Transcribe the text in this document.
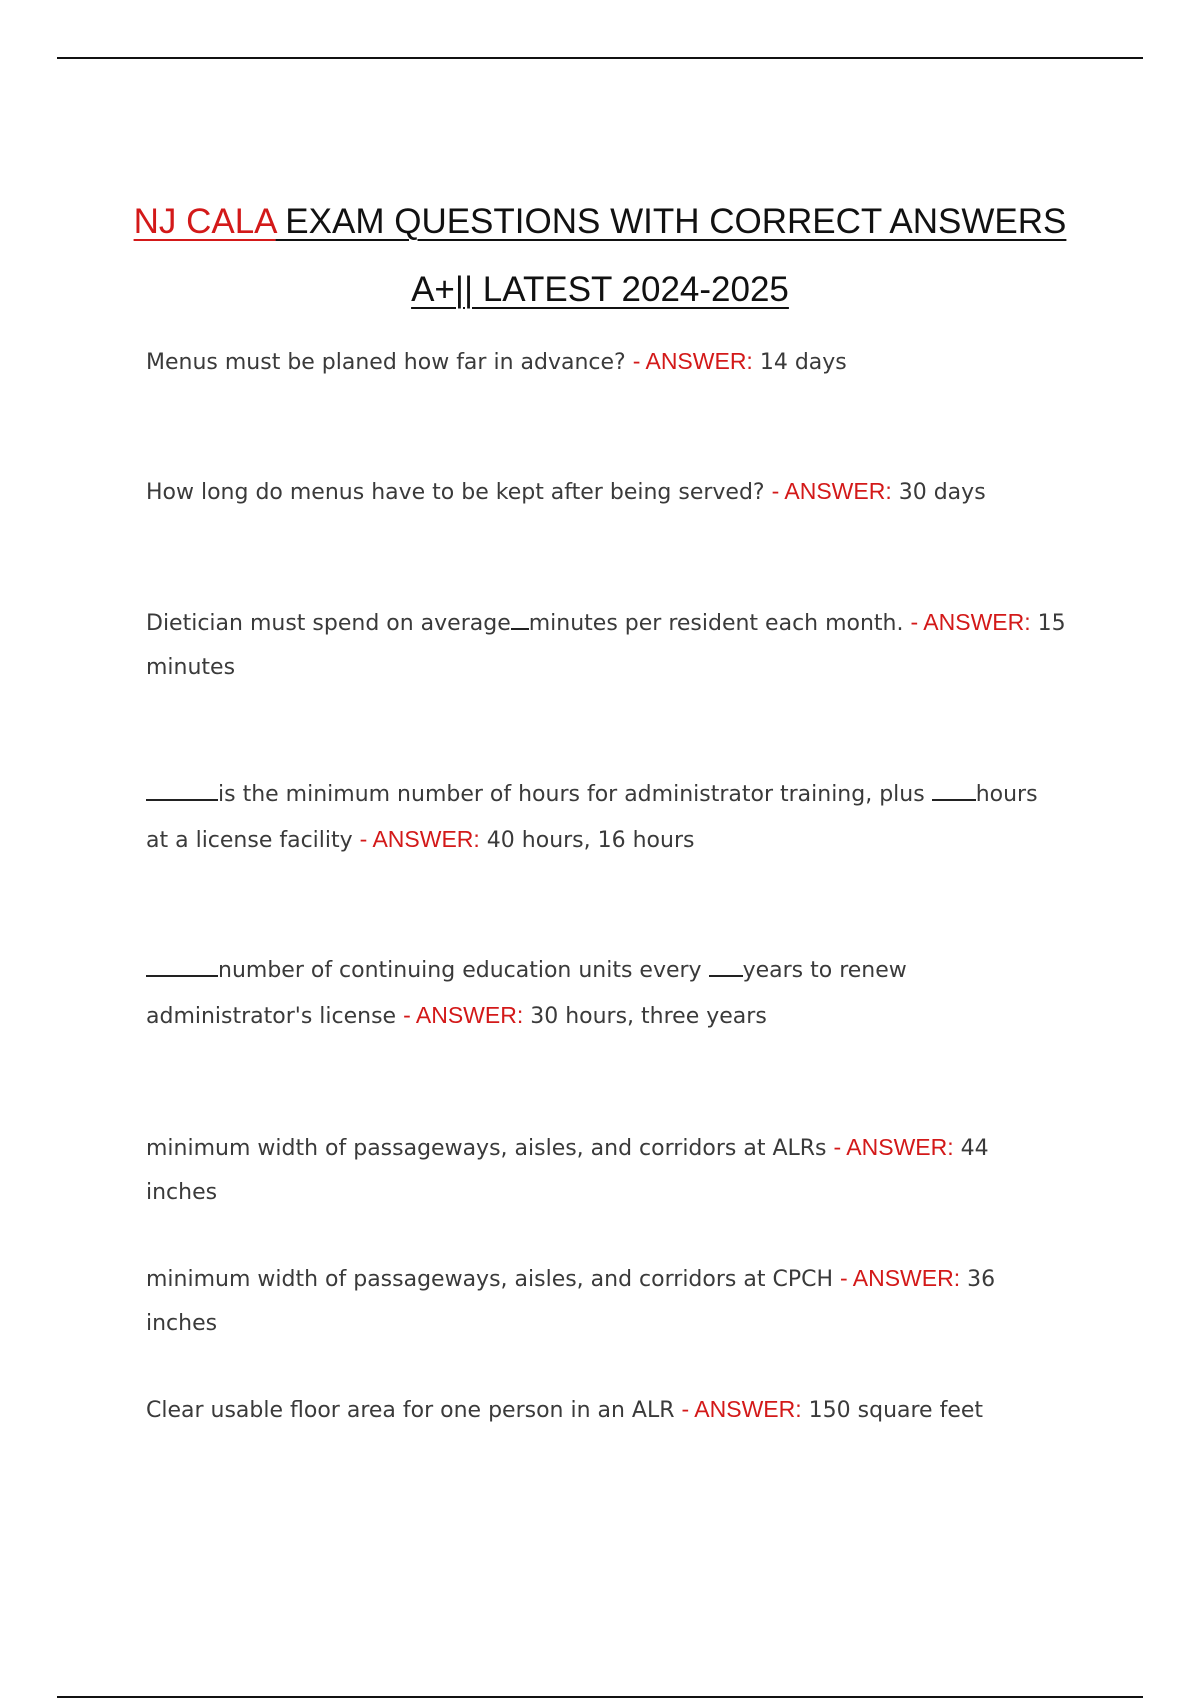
NJ CALA EXAM QUESTIONS WITH CORRECT ANSWERS
A+|| LATEST 2024-2025

Menus must be planed how far in advance? - ANSWER: 14 days

How long do menus have to be kept after being served? - ANSWER: 30 days

Dietician must spend on average minutes per resident each month. - ANSWER: 15 minutes

is the minimum number of hours for administrator training, plus hours at a license facility - ANSWER: 40 hours, 16 hours

number of continuing education units every years to renew administrator's license - ANSWER: 30 hours, three years

minimum width of passageways, aisles, and corridors at ALRs - ANSWER: 44 inches

minimum width of passageways, aisles, and corridors at CPCH - ANSWER: 36 inches

Clear usable floor area for one person in an ALR - ANSWER: 150 square feet
